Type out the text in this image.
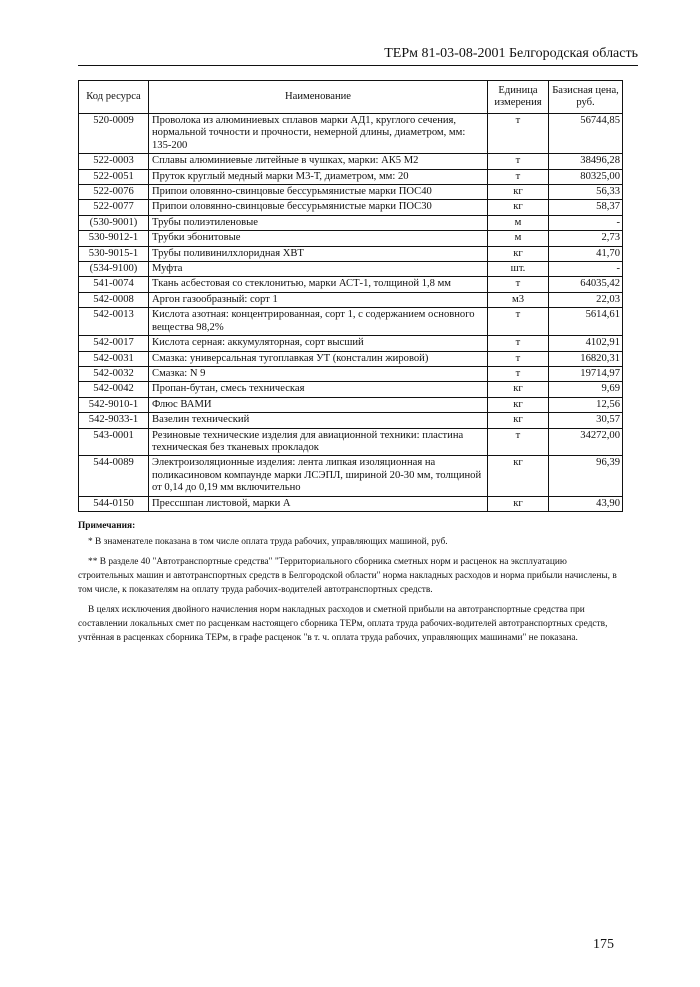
ТЕРм 81-03-08-2001 Белгородская область
Код ресурса	Наименование	Единица измерения	Базисная цена, руб.
520-0009	Проволока из алюминиевых сплавов марки АД1, круглого сечения, нормальной точности и прочности, немерной длины, диаметром, мм: 135-200	т	56744,85
522-0003	Сплавы алюминиевые литейные в чушках, марки: АК5 М2	т	38496,28
522-0051	Пруток круглый медный марки М3-Т, диаметром, мм: 20	т	80325,00
522-0076	Припои оловянно-свинцовые бессурьмянистые марки ПОС40	кг	56,33
522-0077	Припои оловянно-свинцовые бессурьмянистые марки ПОС30	кг	58,37
(530-9001)	Трубы полиэтиленовые	м	-
530-9012-1	Трубки эбонитовые	м	2,73
530-9015-1	Трубы поливинилхлоридная ХВТ	кг	41,70
(534-9100)	Муфта	шт.	-
541-0074	Ткань асбестовая со стеклонитью, марки АСТ-1, толщиной 1,8 мм	т	64035,42
542-0008	Аргон газообразный: сорт 1	м3	22,03
542-0013	Кислота азотная: концентрированная, сорт 1, с содержанием основного вещества 98,2%	т	5614,61
542-0017	Кислота серная: аккумуляторная, сорт высший	т	4102,91
542-0031	Смазка: универсальная тугоплавкая УТ (консталин жировой)	т	16820,31
542-0032	Смазка: N 9	т	19714,97
542-0042	Пропан-бутан, смесь техническая	кг	9,69
542-9010-1	Флюс ВАМИ	кг	12,56
542-9033-1	Вазелин технический	кг	30,57
543-0001	Резиновые технические изделия для авиационной техники: пластина техническая без тканевых прокладок	т	34272,00
544-0089	Электроизоляционные изделия: лента липкая изоляционная на поликасиновом компаунде марки ЛСЭПЛ, шириной 20-30 мм, толщиной от 0,14 до 0,19 мм включительно	кг	96,39
544-0150	Прессшпан листовой, марки А	кг	43,90

Примечания:

* В знаменателе показана в том числе оплата труда рабочих, управляющих машиной, руб.

** В разделе 40 "Автотранспортные средства" "Территориального сборника сметных норм и расценок на эксплуатацию строительных машин и автотранспортных средств в Белгородской области" норма накладных расходов и норма прибыли начислены, в том числе, к показателям на оплату труда рабочих-водителей автотранспортных средств.

В целях исключения двойного начисления норм накладных расходов и сметной прибыли на автотранспортные средства при составлении локальных смет по расценкам настоящего сборника ТЕРм, оплата труда рабочих-водителей автотранспортных средств, учтённая в расценках сборника ТЕРм, в графе расценок "в т. ч. оплата труда рабочих, управляющих машинами" не показана.

175
